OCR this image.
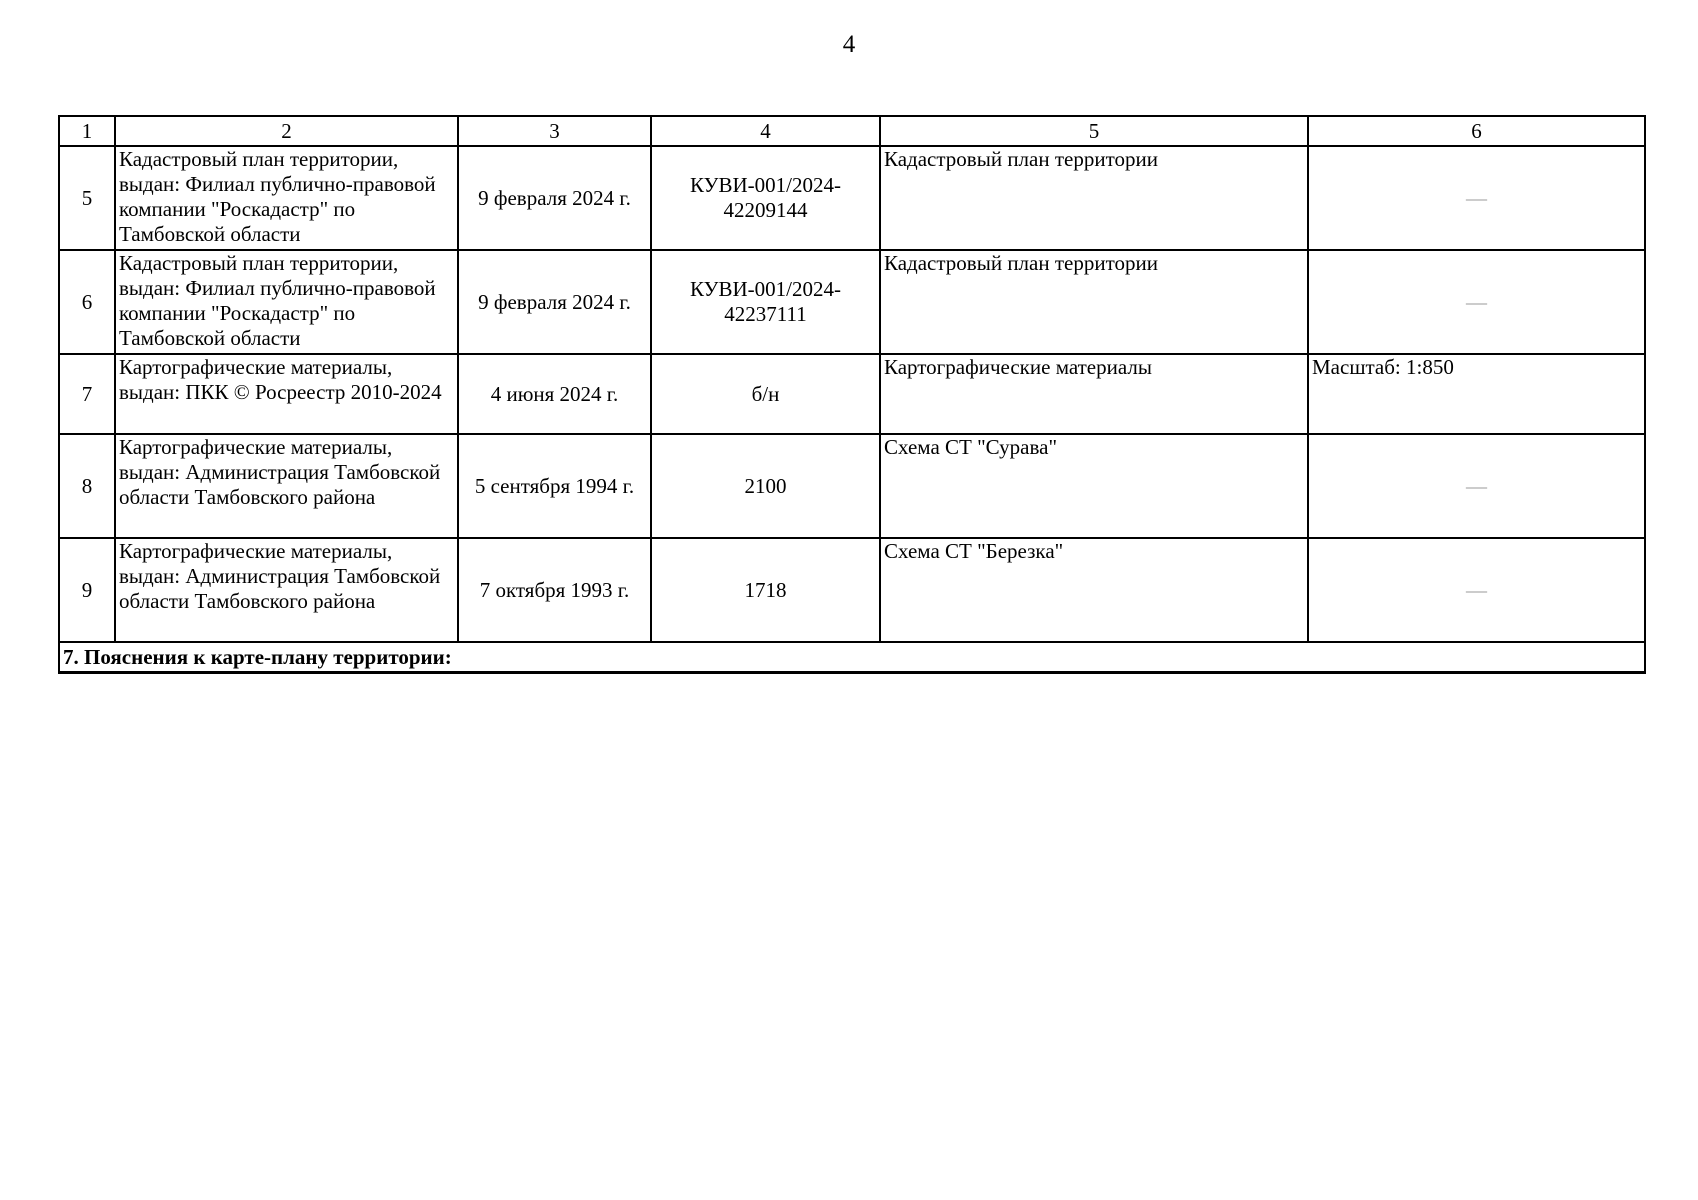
4
1	2	3	4	5	6
5	Кадастровый план территории, выдан: Филиал публично-правовой компании "Роскадастр" по Тамбовской области	9 февраля 2024 г.	КУВИ-001/2024-42209144	Кадастровый план территории	—
6	Кадастровый план территории, выдан: Филиал публично-правовой компании "Роскадастр" по Тамбовской области	9 февраля 2024 г.	КУВИ-001/2024-42237111	Кадастровый план территории	—
7	Картографические материалы, выдан: ПКК © Росреестр 2010-2024	4 июня 2024 г.	б/н	Картографические материалы	Масштаб: 1:850
8	Картографические материалы, выдан: Администрация Тамбовской области Тамбовского района	5 сентября 1994 г.	2100	Схема СТ "Сурава"	—
9	Картографические материалы, выдан: Администрация Тамбовской области Тамбовского района	7 октября 1993 г.	1718	Схема СТ "Березка"	—
7. Пояснения к карте-плану территории:					
